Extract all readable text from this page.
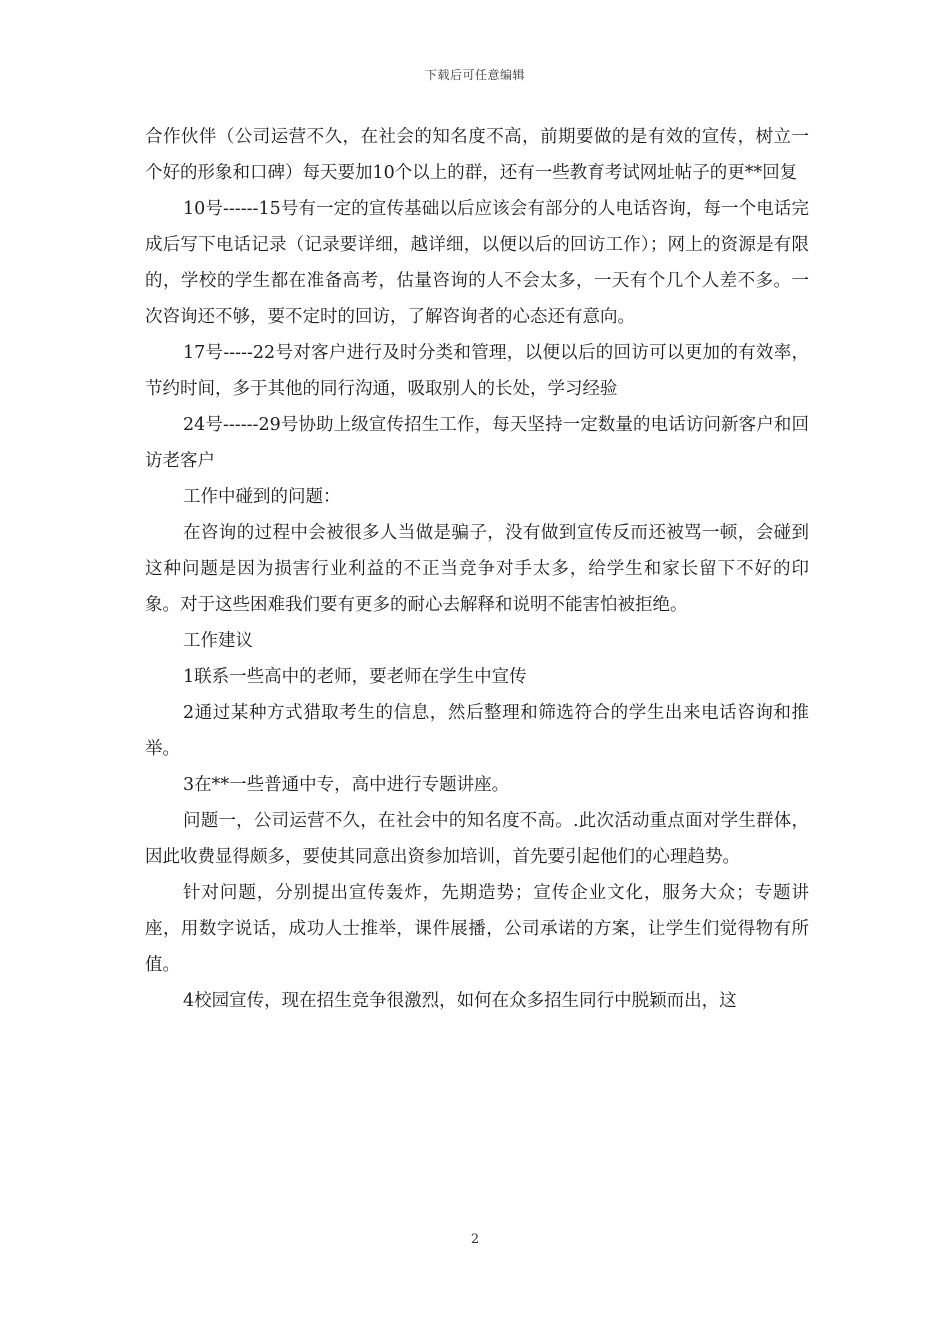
下载后可任意编辑

合作伙伴（公司运营不久，在社会的知名度不高，前期要做的是有效的宣传，树立一个好的形象和口碑）每天要加10个以上的群，还有一些教育考试网址帖子的更**回复

10号------15号有一定的宣传基础以后应该会有部分的人电话咨询，每一个电话完成后写下电话记录（记录要详细，越详细，以便以后的回访工作）；网上的资源是有限的，学校的学生都在准备高考，估量咨询的人不会太多，一天有个几个人差不多。一次咨询还不够，要不定时的回访，了解咨询者的心态还有意向。

17号-----22号对客户进行及时分类和管理，以便以后的回访可以更加的有效率，节约时间，多于其他的同行沟通，吸取别人的长处，学习经验

24号------29号协助上级宣传招生工作，每天坚持一定数量的电话访问新客户和回访老客户

工作中碰到的问题：

在咨询的过程中会被很多人当做是骗子，没有做到宣传反而还被骂一顿，会碰到这种问题是因为损害行业利益的不正当竞争对手太多，给学生和家长留下不好的印象。对于这些困难我们要有更多的耐心去解释和说明不能害怕被拒绝。

工作建议

1联系一些高中的老师，要老师在学生中宣传

2通过某种方式猎取考生的信息，然后整理和筛选符合的学生出来电话咨询和推举。

3在**一些普通中专，高中进行专题讲座。

问题一，公司运营不久，在社会中的知名度不高。.此次活动重点面对学生群体，因此收费显得颇多，要使其同意出资参加培训，首先要引起他们的心理趋势。

针对问题，分别提出宣传轰炸，先期造势；宣传企业文化，服务大众；专题讲座，用数字说话，成功人士推举，课件展播，公司承诺的方案，让学生们觉得物有所值。

4校园宣传，现在招生竞争很激烈，如何在众多招生同行中脱颖而出，这

2
